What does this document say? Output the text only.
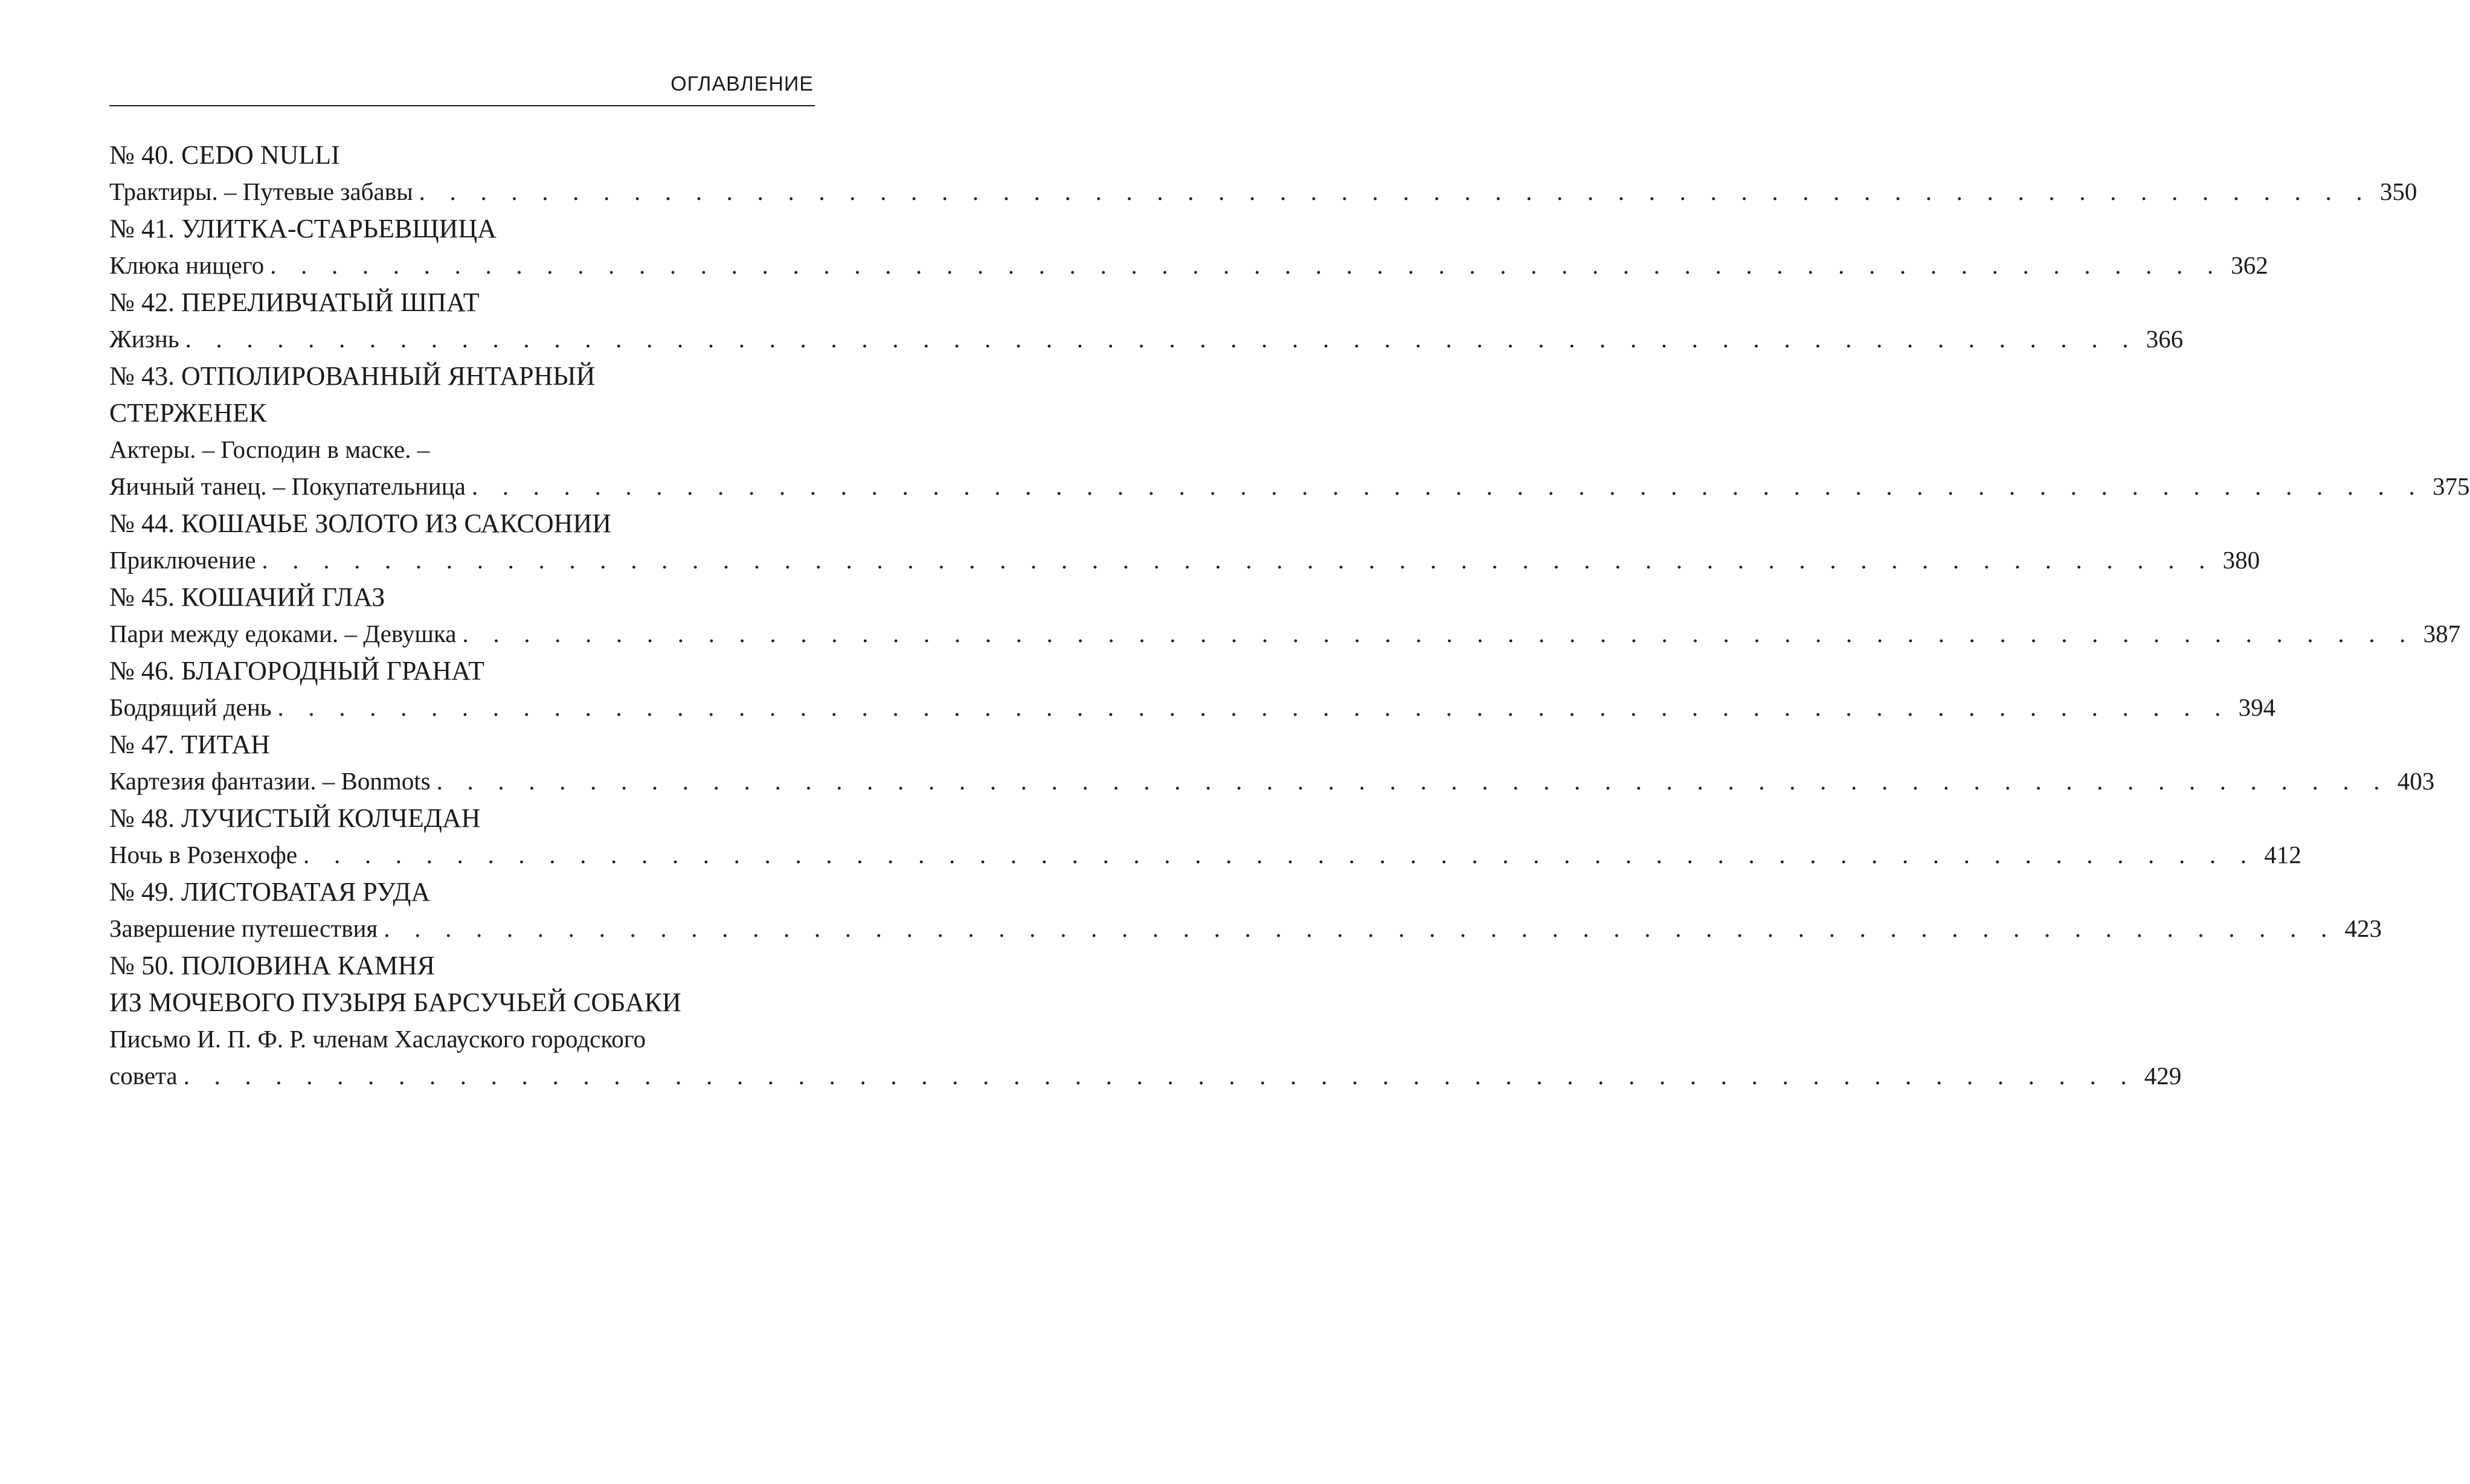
ОГЛАВЛЕНИЕ
№ 40. CEDO NULLI
Трактиры. – Путевые забавы . . . . . . . . . . . . . . . . . . . . . . . . . . . . . . . . . . . . . . . . . . . . . . . . . . . . . . . . . . . . . . . . 350
№ 41. УЛИТКА-СТАРЬЕВЩИЦА
Клюка нищего . . . . . . . . . . . . . . . . . . . . . . . . . . . . . . . . . . . . . . . . . . . . . . . . . . . . . . . . . . . . . . . . 362
№ 42. ПЕРЕЛИВЧАТЫЙ ШПАТ
Жизнь . . . . . . . . . . . . . . . . . . . . . . . . . . . . . . . . . . . . . . . . . . . . . . . . . . . . . . . . . . . . . . . . 366
№ 43. ОТПОЛИРОВАННЫЙ ЯНТАРНЫЙ
СТЕРЖЕНЕК
Актеры. – Господин в маске. –
Яичный танец. – Покупательница . . . . . . . . . . . . . . . . . . . . . . . . . . . . . . . . . . . . . . . . . . . . . . . . . . . . . . . . . . . . . . . . 375
№ 44. КОШАЧЬЕ ЗОЛОТО ИЗ САКСОНИИ
Приключение . . . . . . . . . . . . . . . . . . . . . . . . . . . . . . . . . . . . . . . . . . . . . . . . . . . . . . . . . . . . . . . . 380
№ 45. КОШАЧИЙ ГЛАЗ
Пари между едоками. – Девушка . . . . . . . . . . . . . . . . . . . . . . . . . . . . . . . . . . . . . . . . . . . . . . . . . . . . . . . . . . . . . . . . 387
№ 46. БЛАГОРОДНЫЙ ГРАНАТ
Бодрящий день . . . . . . . . . . . . . . . . . . . . . . . . . . . . . . . . . . . . . . . . . . . . . . . . . . . . . . . . . . . . . . . . 394
№ 47. ТИТАН
Картезия фантазии. – Bonmots . . . . . . . . . . . . . . . . . . . . . . . . . . . . . . . . . . . . . . . . . . . . . . . . . . . . . . . . . . . . . . . . 403
№ 48. ЛУЧИСТЫЙ КОЛЧЕДАН
Ночь в Розенхофе . . . . . . . . . . . . . . . . . . . . . . . . . . . . . . . . . . . . . . . . . . . . . . . . . . . . . . . . . . . . . . . . 412
№ 49. ЛИСТОВАТАЯ РУДА
Завершение путешествия . . . . . . . . . . . . . . . . . . . . . . . . . . . . . . . . . . . . . . . . . . . . . . . . . . . . . . . . . . . . . . . . 423
№ 50. ПОЛОВИНА КАМНЯ
ИЗ МОЧЕВОГО ПУЗЫРЯ БАРСУЧЬЕЙ СОБАКИ
Письмо И. П. Ф. Р. членам Хаслауского городского
совета . . . . . . . . . . . . . . . . . . . . . . . . . . . . . . . . . . . . . . . . . . . . . . . . . . . . . . . . . . . . . . . . 429
